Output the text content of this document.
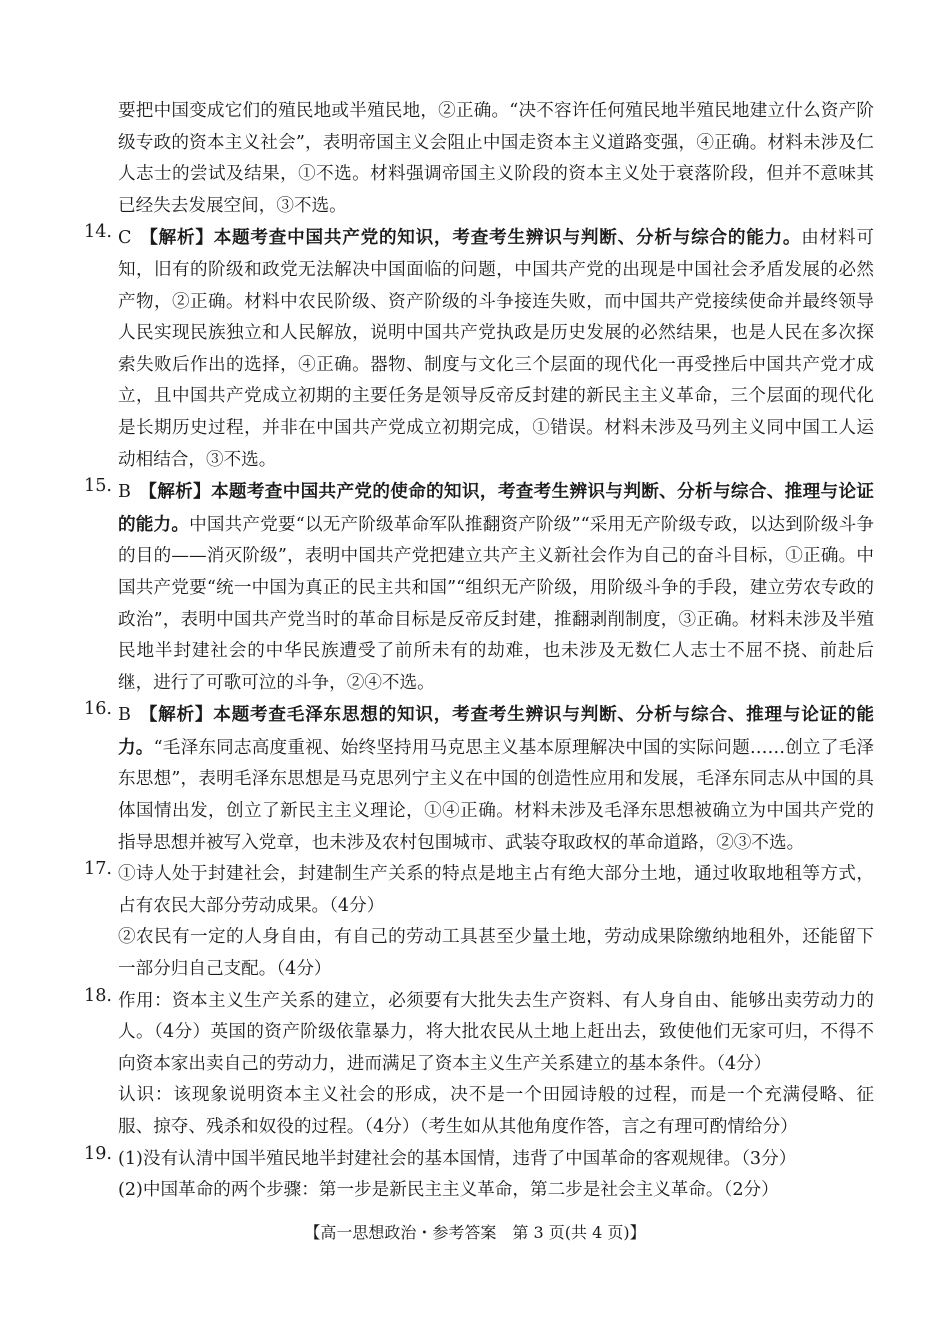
要把中国变成它们的殖民地或半殖民地，②正确。“决不容许任何殖民地半殖民地建立什么资产阶级专政的资本主义社会”，表明帝国主义会阻止中国走资本主义道路变强，④正确。材料未涉及仁人志士的尝试及结果，①不选。材料强调帝国主义阶段的资本主义处于衰落阶段，但并不意味其已经失去发展空间，③不选。

14. C 【解析】本题考查中国共产党的知识，考查考生辨识与判断、分析与综合的能力。由材料可知，旧有的阶级和政党无法解决中国面临的问题，中国共产党的出现是中国社会矛盾发展的必然产物，②正确。材料中农民阶级、资产阶级的斗争接连失败，而中国共产党接续使命并最终领导人民实现民族独立和人民解放，说明中国共产党执政是历史发展的必然结果，也是人民在多次探索失败后作出的选择，④正确。器物、制度与文化三个层面的现代化一再受挫后中国共产党才成立，且中国共产党成立初期的主要任务是领导反帝反封建的新民主主义革命，三个层面的现代化是长期历史过程，并非在中国共产党成立初期完成，①错误。材料未涉及马列主义同中国工人运动相结合，③不选。

15. B 【解析】本题考查中国共产党的使命的知识，考查考生辨识与判断、分析与综合、推理与论证的能力。中国共产党要“以无产阶级革命军队推翻资产阶级”“采用无产阶级专政，以达到阶级斗争的目的——消灭阶级”，表明中国共产党把建立共产主义新社会作为自己的奋斗目标，①正确。中国共产党要“统一中国为真正的民主共和国”“组织无产阶级，用阶级斗争的手段，建立劳农专政的政治”，表明中国共产党当时的革命目标是反帝反封建，推翻剥削制度，③正确。材料未涉及半殖民地半封建社会的中华民族遭受了前所未有的劫难，也未涉及无数仁人志士不屈不挠、前赴后继，进行了可歌可泣的斗争，②④不选。

16. B 【解析】本题考查毛泽东思想的知识，考查考生辨识与判断、分析与综合、推理与论证的能力。“毛泽东同志高度重视、始终坚持用马克思主义基本原理解决中国的实际问题……创立了毛泽东思想”，表明毛泽东思想是马克思列宁主义在中国的创造性应用和发展，毛泽东同志从中国的具体国情出发，创立了新民主主义理论，①④正确。材料未涉及毛泽东思想被确立为中国共产党的指导思想并被写入党章，也未涉及农村包围城市、武装夺取政权的革命道路，②③不选。

17. ①诗人处于封建社会，封建制生产关系的特点是地主占有绝大部分土地，通过收取地租等方式，占有农民大部分劳动成果。（4分）

②农民有一定的人身自由，有自己的劳动工具甚至少量土地，劳动成果除缴纳地租外，还能留下一部分归自己支配。（4分）

18. 作用：资本主义生产关系的建立，必须要有大批失去生产资料、有人身自由、能够出卖劳动力的人。（4分）英国的资产阶级依靠暴力，将大批农民从土地上赶出去，致使他们无家可归，不得不向资本家出卖自己的劳动力，进而满足了资本主义生产关系建立的基本条件。（4分）

认识：该现象说明资本主义社会的形成，决不是一个田园诗般的过程，而是一个充满侵略、征服、掠夺、残杀和奴役的过程。（4分）（考生如从其他角度作答，言之有理可酌情给分）

19. (1)没有认清中国半殖民地半封建社会的基本国情，违背了中国革命的客观规律。（3分）

(2)中国革命的两个步骤：第一步是新民主主义革命，第二步是社会主义革命。（2分）

【高一思想政治・参考答案　第 3 页(共 4 页)】
